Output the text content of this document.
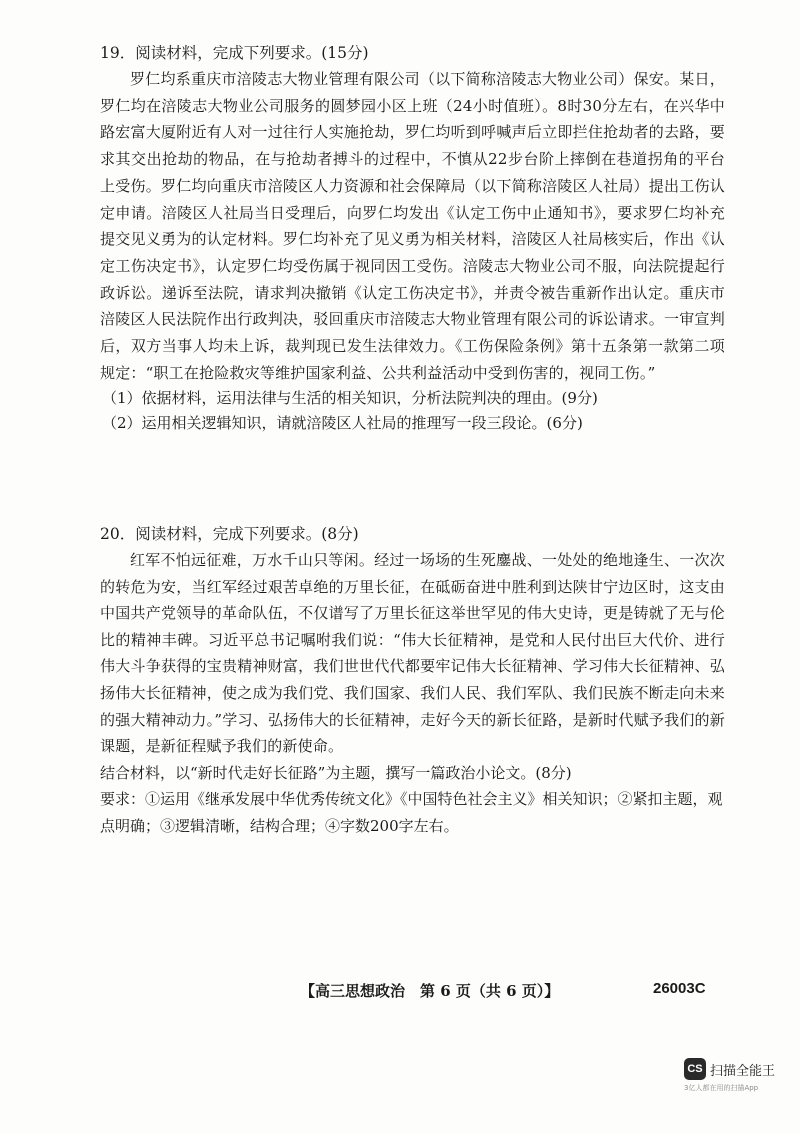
19．阅读材料，完成下列要求。(15分)

罗仁均系重庆市涪陵志大物业管理有限公司（以下简称涪陵志大物业公司）保安。某日，罗仁均在涪陵志大物业公司服务的圆梦园小区上班（24小时值班）。8时30分左右，在兴华中路宏富大厦附近有人对一过往行人实施抢劫，罗仁均听到呼喊声后立即拦住抢劫者的去路，要求其交出抢劫的物品，在与抢劫者搏斗的过程中，不慎从22步台阶上摔倒在巷道拐角的平台上受伤。罗仁均向重庆市涪陵区人力资源和社会保障局（以下简称涪陵区人社局）提出工伤认定申请。涪陵区人社局当日受理后，向罗仁均发出《认定工伤中止通知书》，要求罗仁均补充提交见义勇为的认定材料。罗仁均补充了见义勇为相关材料，涪陵区人社局核实后，作出《认定工伤决定书》，认定罗仁均受伤属于视同因工受伤。涪陵志大物业公司不服，向法院提起行政诉讼。递诉至法院，请求判决撤销《认定工伤决定书》，并责令被告重新作出认定。重庆市涪陵区人民法院作出行政判决，驳回重庆市涪陵志大物业管理有限公司的诉讼请求。一审宣判后，双方当事人均未上诉，裁判现已发生法律效力。《工伤保险条例》第十五条第一款第二项规定：“职工在抢险救灾等维护国家利益、公共利益活动中受到伤害的，视同工伤。”

（1）依据材料，运用法律与生活的相关知识，分析法院判决的理由。(9分)

（2）运用相关逻辑知识，请就涪陵区人社局的推理写一段三段论。(6分)

20．阅读材料，完成下列要求。(8分)

红军不怕远征难，万水千山只等闲。经过一场场的生死鏖战、一处处的绝地逢生、一次次的转危为安，当红军经过艰苦卓绝的万里长征，在砥砺奋进中胜利到达陕甘宁边区时，这支由中国共产党领导的革命队伍，不仅谱写了万里长征这举世罕见的伟大史诗，更是铸就了无与伦比的精神丰碑。习近平总书记嘱咐我们说：“伟大长征精神，是党和人民付出巨大代价、进行伟大斗争获得的宝贵精神财富，我们世世代代都要牢记伟大长征精神、学习伟大长征精神、弘扬伟大长征精神，使之成为我们党、我们国家、我们人民、我们军队、我们民族不断走向未来的强大精神动力。”学习、弘扬伟大的长征精神，走好今天的新长征路，是新时代赋予我们的新课题，是新征程赋予我们的新使命。

结合材料，以“新时代走好长征路”为主题，撰写一篇政治小论文。(8分)

要求：①运用《继承发展中华优秀传统文化》《中国特色社会主义》相关知识；②紧扣主题，观点明确；③逻辑清晰，结构合理；④字数200字左右。

【高三思想政治　第 6 页（共 6 页）】	26003C
CS 扫描全能王
3亿人都在用的扫描App
